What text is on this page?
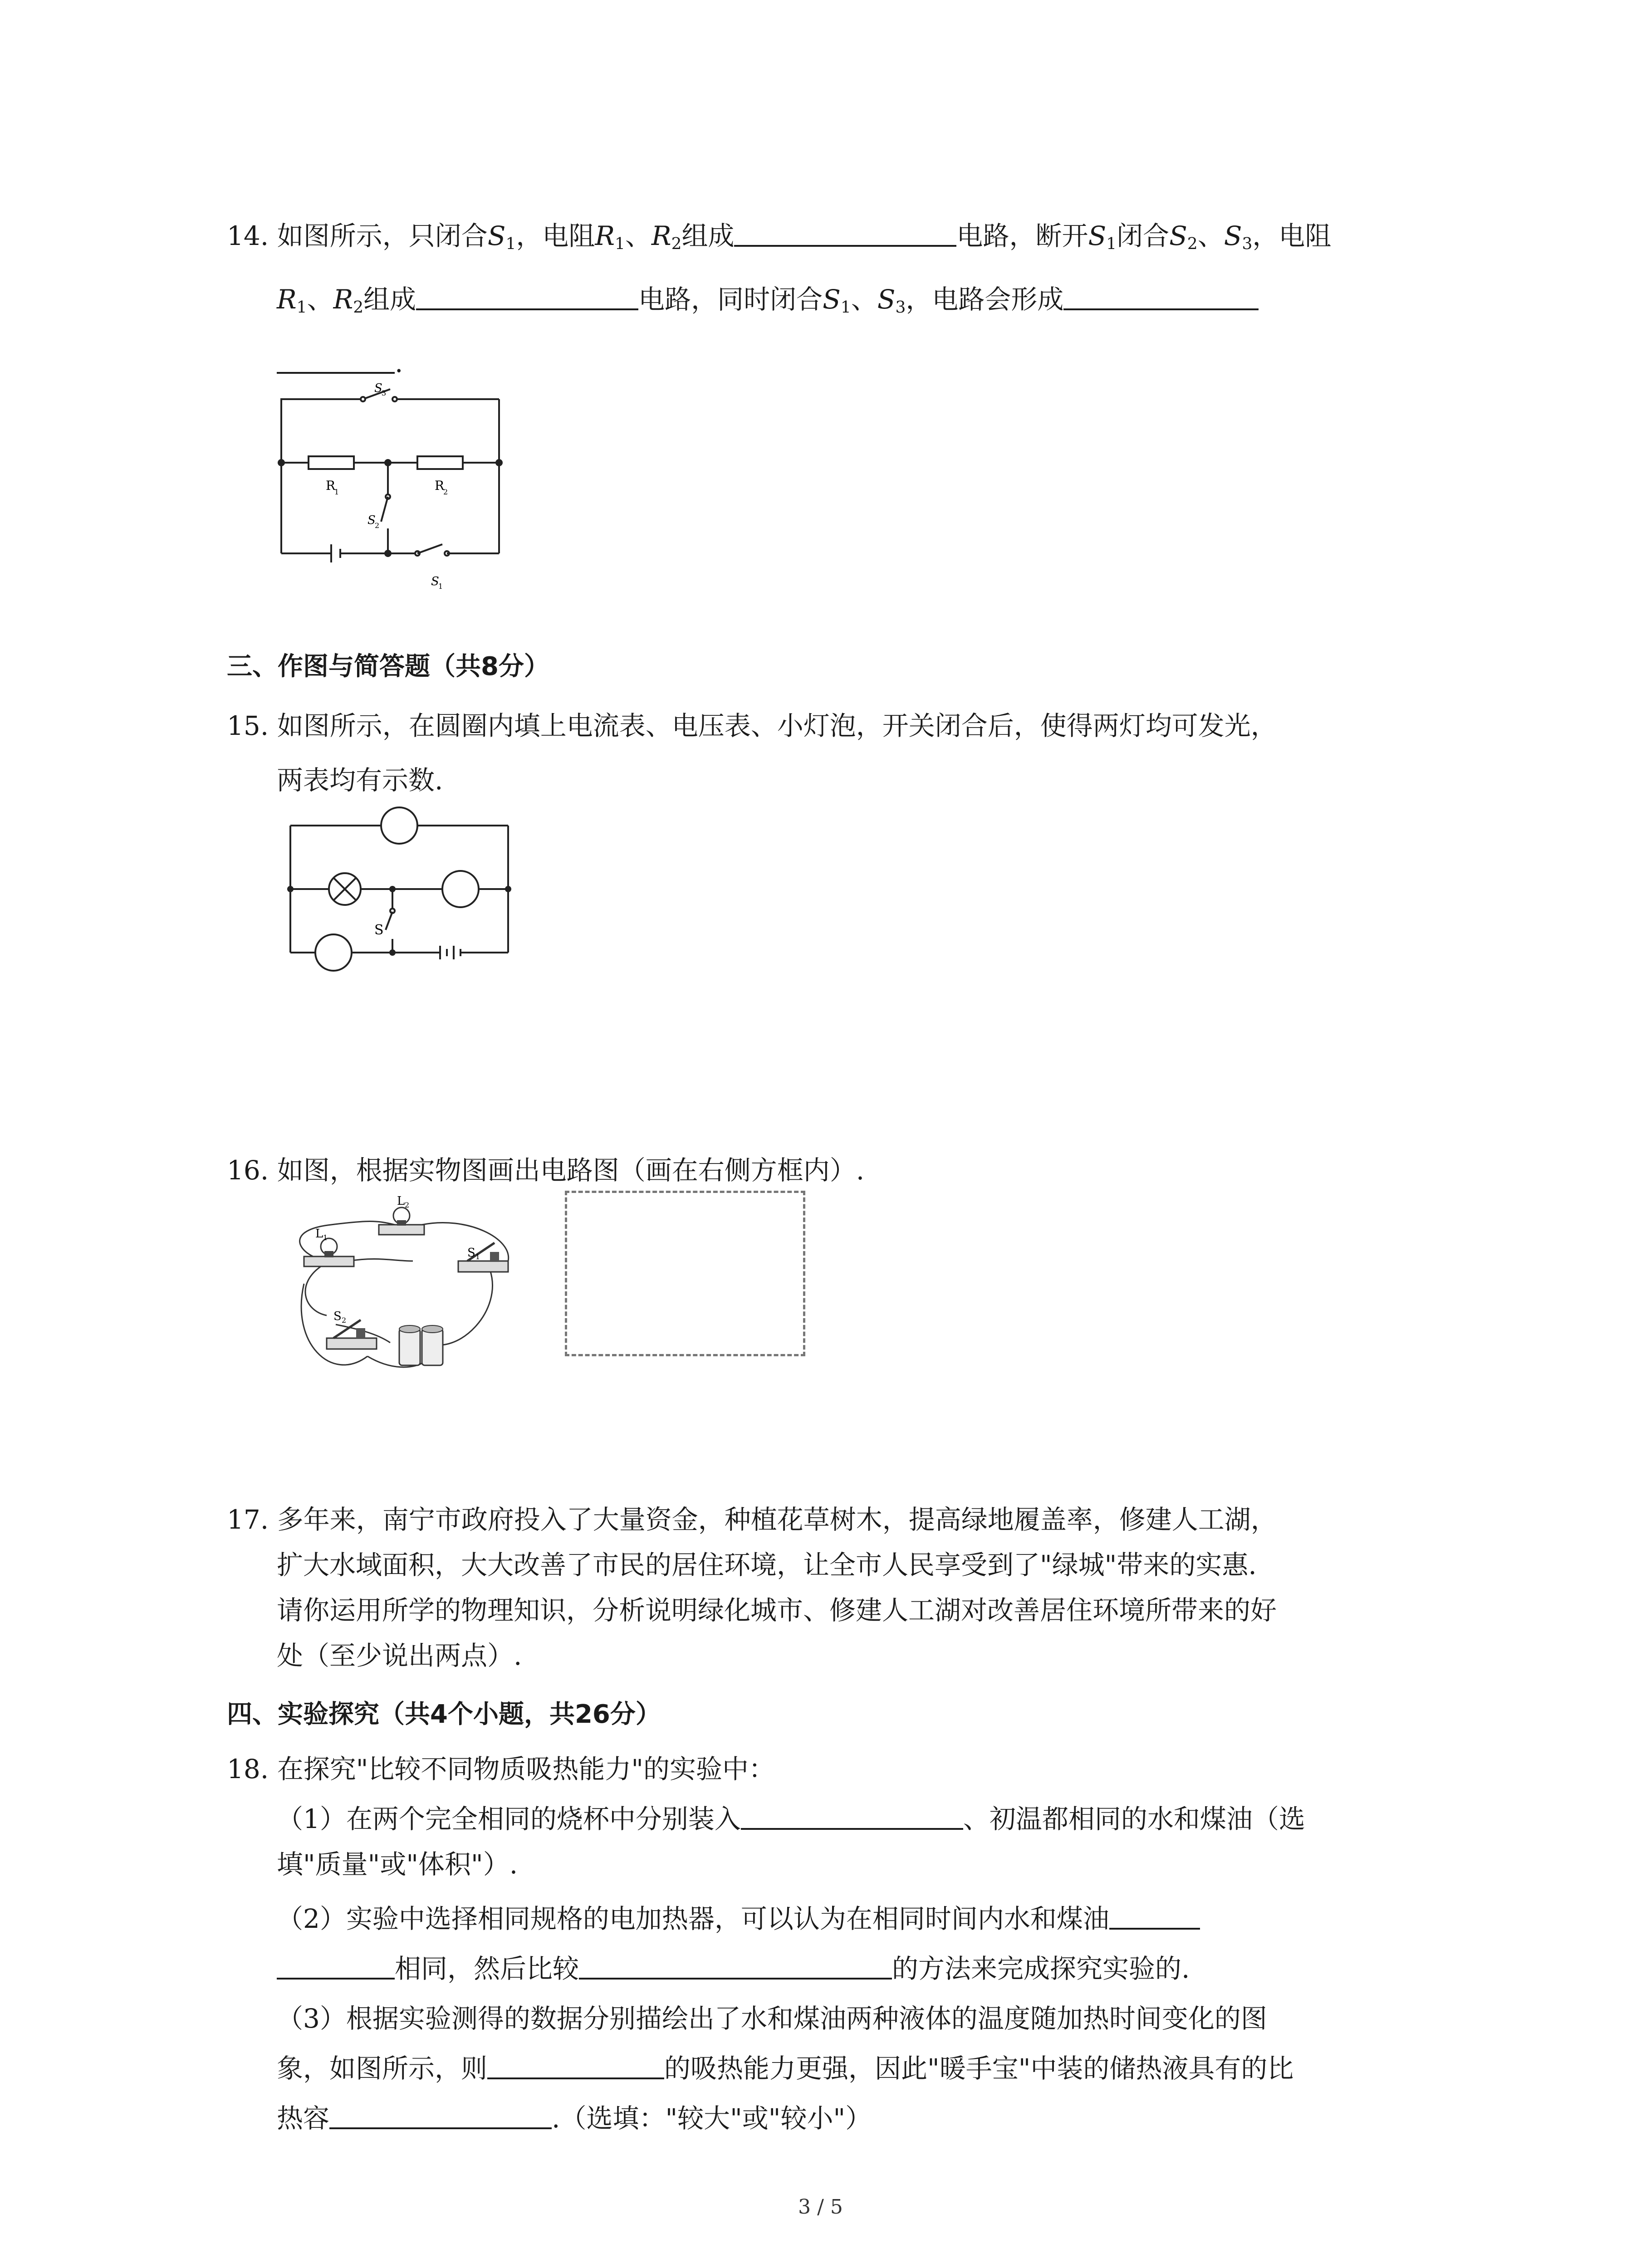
14. 如图所示，只闭合$S_1$，电阻$R_1$、$R_2$组成	电路，断开$S_1$闭合$S_2$、$S_3$，电阻
$R_1$、$R_2$组成	电路，同时闭合$S_1$、$S_3$，电路会形成
.
S
3
R
1	R
2
S
2
S
1
三、作图与简答题（共8分）
15. 如图所示，在圆圈内填上电流表、电压表、小灯泡，开关闭合后，使得两灯均可发光，
两表均有示数.
S
16. 如图，根据实物图画出电路图（画在右侧方框内）.
L 2
L 1
S 1
S 2
17. 多年来，南宁市政府投入了大量资金，种植花草树木，提高绿地履盖率，修建人工湖，
扩大水域面积，大大改善了市民的居住环境，让全市人民享受到了"绿城"带来的实惠.
请你运用所学的物理知识，分析说明绿化城市、修建人工湖对改善居住环境所带来的好
处（至少说出两点）.
四、实验探究（共4个小题，共26分）
18. 在探究"比较不同物质吸热能力"的实验中：
（1）在两个完全相同的烧杯中分别装入	、初温都相同的水和煤油（选
填"质量"或"体积"）.
（2）实验中选择相同规格的电加热器，可以认为在相同时间内水和煤油
相同，然后比较	的方法来完成探究实验的.
（3）根据实验测得的数据分别描绘出了水和煤油两种液体的温度随加热时间变化的图
象，如图所示，则	的吸热能力更强，因此"暖手宝"中装的储热液具有的比
热容	.（选填："较大"或"较小"）
3 / 5
